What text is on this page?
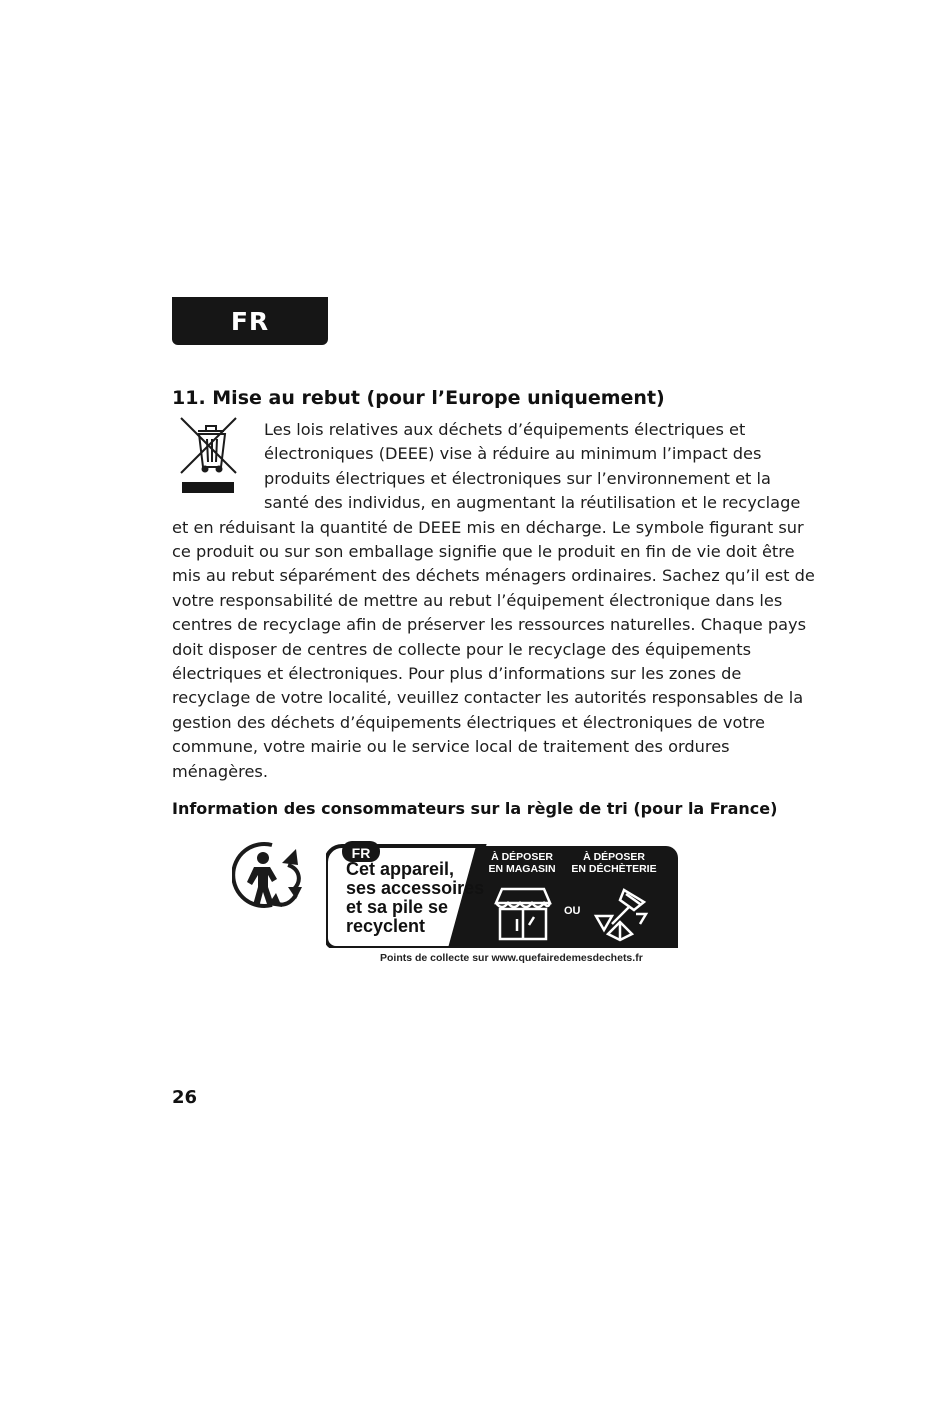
FR
11. Mise au rebut (pour l’Europe uniquement)
Les lois relatives aux déchets d’équipements électriques et
électroniques (DEEE) vise à réduire au minimum l’impact des
produits électriques et électroniques sur l’environnement et la
santé des individus, en augmentant la réutilisation et le recyclage
et en réduisant la quantité de DEEE mis en décharge. Le symbole figurant sur
ce produit ou sur son emballage signifie que le produit en fin de vie doit être
mis au rebut séparément des déchets ménagers ordinaires. Sachez qu’il est de
votre responsabilité de mettre au rebut l’équipement électronique dans les
centres de recyclage afin de préserver les ressources naturelles. Chaque pays
doit disposer de centres de collecte pour le recyclage des équipements
électriques et électroniques. Pour plus d’informations sur les zones de
recyclage de votre localité, veuillez contacter les autorités responsables de la
gestion des déchets d’équipements électriques et électroniques de votre
commune, votre mairie ou le service local de traitement des ordures
ménagères.
Information des consommateurs sur la règle de tri (pour la France)
FR
Cet appareil,
ses accessoires
et sa pile se
recyclent
À DÉPOSER
EN MAGASIN
À DÉPOSER
EN DÉCHÈTERIE
OU

Points de collecte sur www.quefairedemesdechets.fr

26
